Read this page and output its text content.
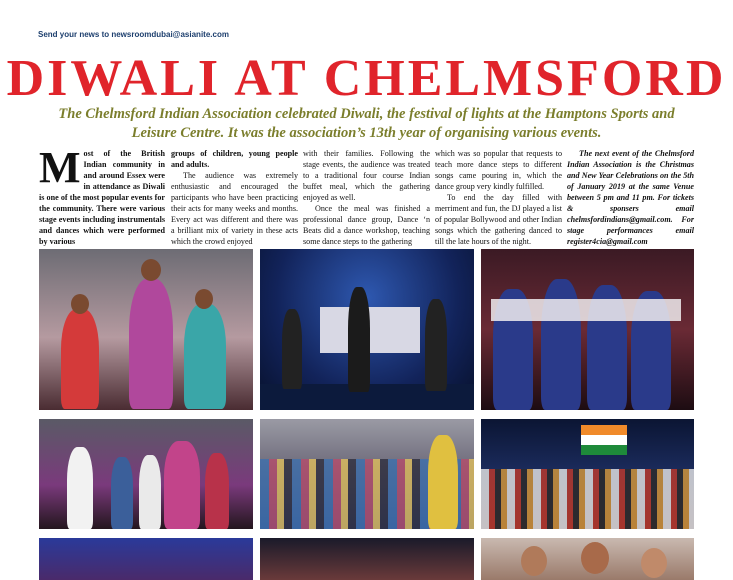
Send your news to newsroomdubai@asianite.com
DIWALI AT CHELMSFORD
The Chelmsford Indian Association celebrated Diwali, the festival of lights at the Hamptons Sports and Leisure Centre. It was the association’s 13th year of organising various events.
Most of the British Indian community in and around Essex were in attendance as Diwali is one of the most popular events for the community. There were various stage events including instrumentals and dances which were performed by various

groups of children, young people and adults.

The audience was extremely enthusiastic and encouraged the participants who have been practicing their acts for many weeks and months. Every act was different and there was a brilliant mix of variety in these acts which the crowd enjoyed

with their families. Following the stage events, the audience was treated to a traditional four course Indian buffet meal, which the gathering enjoyed as well.

Once the meal was finished a professional dance group, Dance ‘n Beats did a dance workshop, teaching some dance steps to the gathering

which was so popular that requests to teach more dance steps to different songs came pouring in, which the dance group very kindly fulfilled.

To end the day filled with merriment and fun, the DJ played a list of popular Bollywood and other Indian songs which the gathering danced to till the late hours of the night.

The next event of the Chelmsford Indian Association is the Christmas and New Year Celebrations on the 5th of January 2019 at the same Venue between 5 pm and 11 pm. For tickets & sponsers email chelmsfordindians@gmail.com. For stage performances email register4cia@gmail.com
